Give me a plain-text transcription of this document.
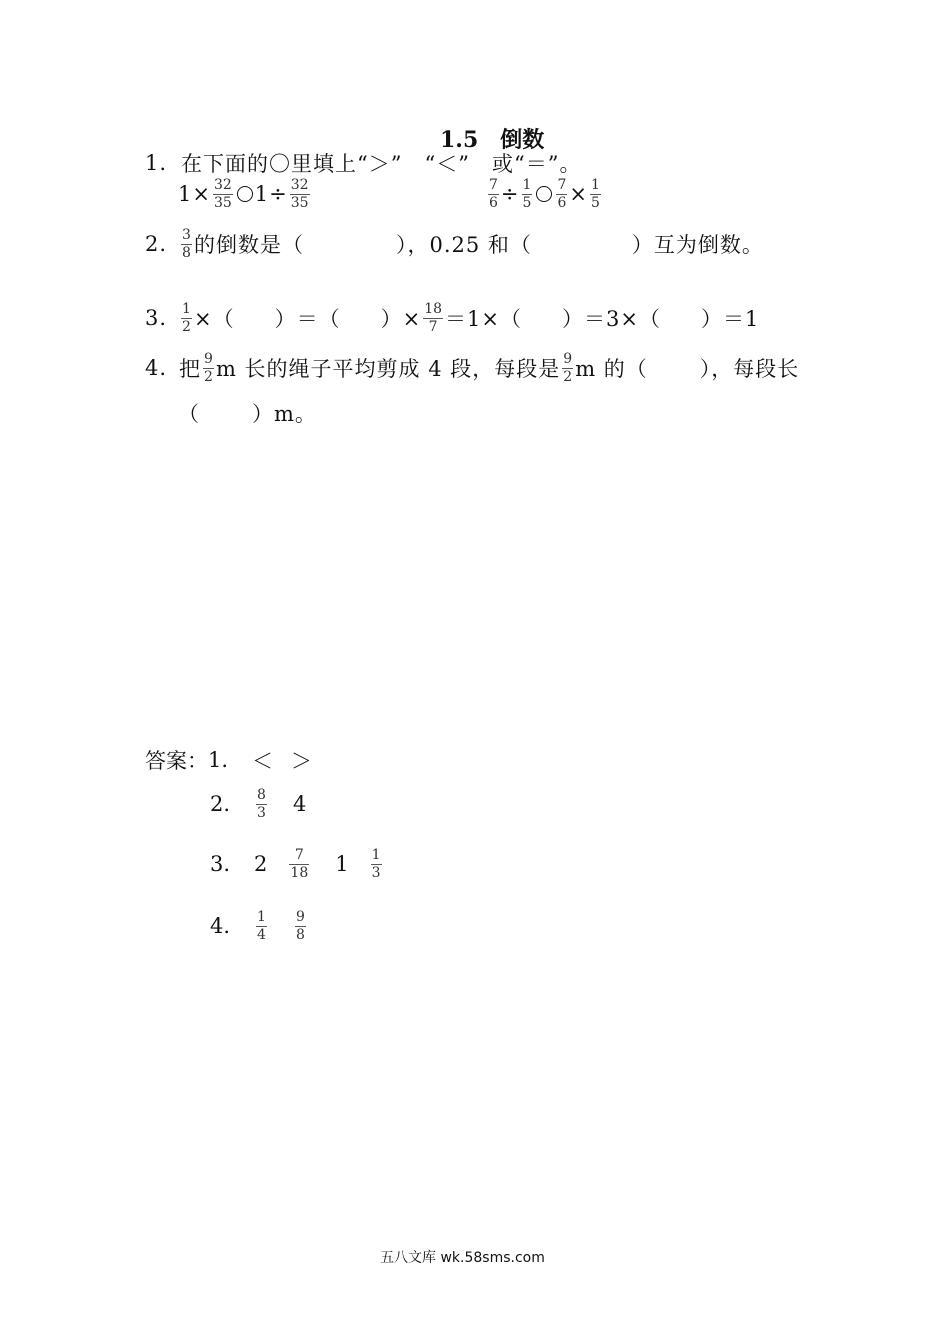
1.5　倒数
1. 在下面的〇里填上“＞”　“＜”　或“＝”。
$1\times \frac{32}{35} 1\div \frac{32}{35}$	$\frac{7}{6} \div \frac{1}{5} \frac{7}{6} \times \frac{1}{5}$
2. $\frac{3}{8}$ 的倒数是（	），0.25 和（	）互为倒数。
3. $\frac{1}{2}$ ×（ ）＝（ ）× $\frac{18}{7} =1\times$（ ）＝3×（ ）＝1
4. 把 $\frac{9}{2}$ m 长的绳子平均剪成 4 段，每段是 $\frac{9}{2}$ m 的（ ），每段长
（ ）m。
答案： 1. ＜ ＞
2. $\frac{8}{3} 4$
3. $2 \frac{7}{18} 1 \frac{1}{3}$
4. $\frac{1}{4} \frac{9}{8}$
五八文库 wk.58sms.com
